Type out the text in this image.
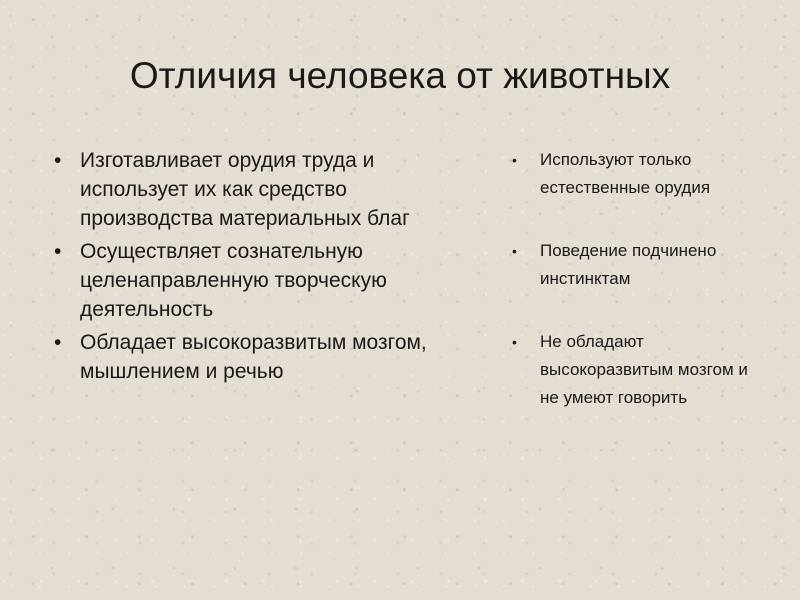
Отличия человека от животных
• Изготавливает орудия труда и использует их как средство производства материальных благ
• Осуществляет сознательную целенаправленную творческую деятельность
• Обладает высокоразвитым мозгом, мышлением и речью
• Используют только естественные орудия
• Поведение подчинено инстинктам
• Не обладают высокоразвитым мозгом и не умеют говорить
